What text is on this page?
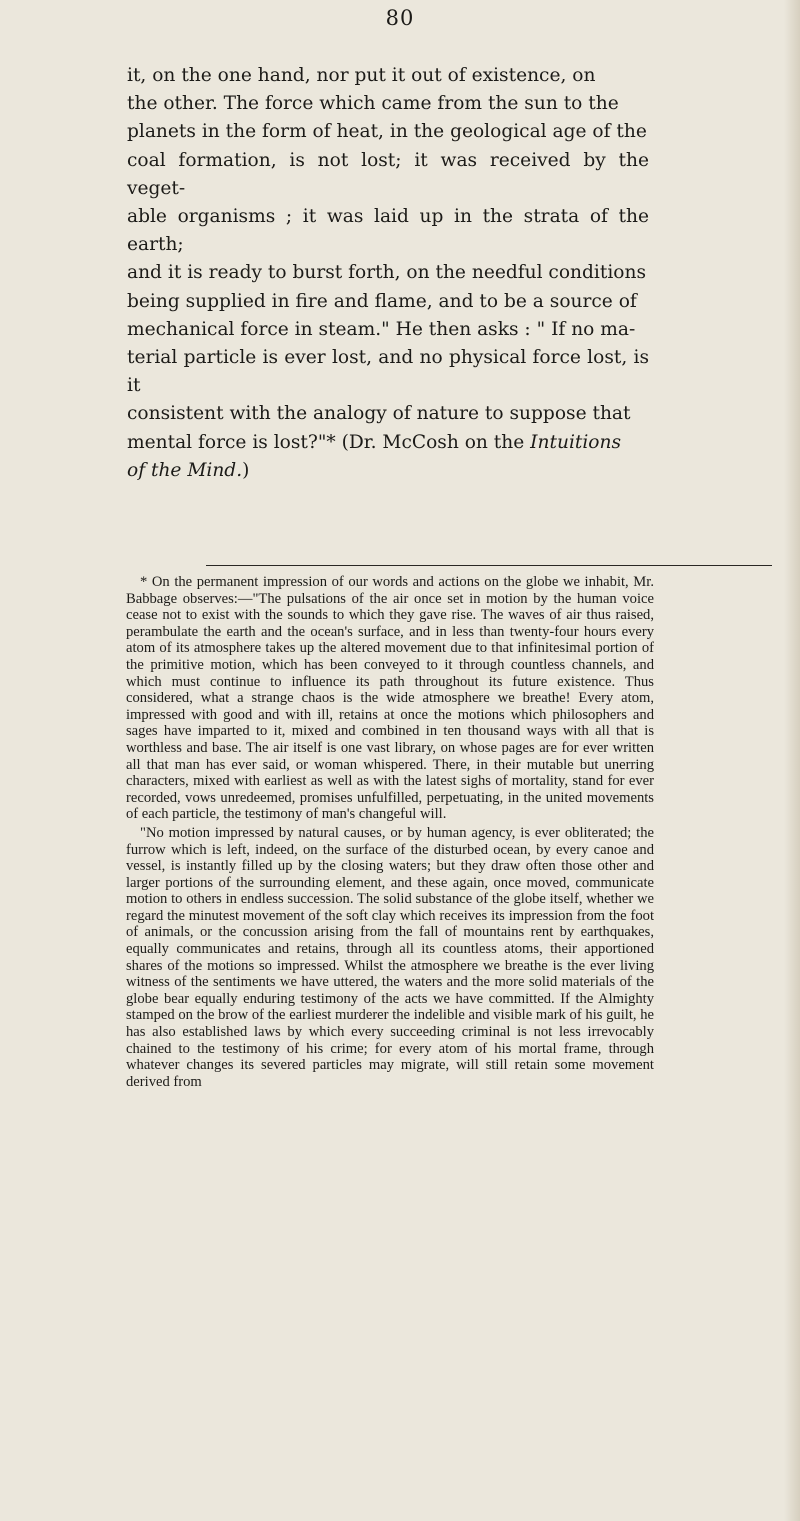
80
it, on the one hand, nor put it out of existence, on
the other. The force which came from the sun to the
planets in the form of heat, in the geological age of the
coal formation, is not lost; it was received by the veget-
able organisms ; it was laid up in the strata of the earth;
and it is ready to burst forth, on the needful conditions
being supplied in fire and flame, and to be a source of
mechanical force in steam." He then asks : " If no ma-
terial particle is ever lost, and no physical force lost, is it
consistent with the analogy of nature to suppose that
mental force is lost?"* (Dr. McCosh on the Intuitions
of the Mind.)

* On the permanent impression of our words and actions on the globe we inhabit, Mr. Babbage observes:—"The pulsations of the air once set in motion by the human voice cease not to exist with the sounds to which they gave rise. The waves of air thus raised, perambulate the earth and the ocean's surface, and in less than twenty-four hours every atom of its atmosphere takes up the altered movement due to that infinitesimal portion of the primitive motion, which has been conveyed to it through countless channels, and which must continue to influence its path throughout its future existence. Thus considered, what a strange chaos is the wide atmosphere we breathe! Every atom, impressed with good and with ill, retains at once the motions which philosophers and sages have imparted to it, mixed and combined in ten thousand ways with all that is worthless and base. The air itself is one vast library, on whose pages are for ever written all that man has ever said, or woman whispered. There, in their mutable but unerring characters, mixed with earliest as well as with the latest sighs of mortality, stand for ever recorded, vows unredeemed, promises unfulfilled, perpetuating, in the united movements of each particle, the testimony of man's changeful will.

"No motion impressed by natural causes, or by human agency, is ever obliterated; the furrow which is left, indeed, on the surface of the disturbed ocean, by every canoe and vessel, is instantly filled up by the closing waters; but they draw often those other and larger portions of the surrounding element, and these again, once moved, communicate motion to others in endless succession. The solid substance of the globe itself, whether we regard the minutest movement of the soft clay which receives its impression from the foot of animals, or the concussion arising from the fall of mountains rent by earthquakes, equally communicates and retains, through all its countless atoms, their apportioned shares of the motions so impressed. Whilst the atmosphere we breathe is the ever living witness of the sentiments we have uttered, the waters and the more solid materials of the globe bear equally enduring testimony of the acts we have committed. If the Almighty stamped on the brow of the earliest murderer the indelible and visible mark of his guilt, he has also established laws by which every succeeding criminal is not less irrevocably chained to the testimony of his crime; for every atom of his mortal frame, through whatever changes its severed particles may migrate, will still retain some movement derived from
